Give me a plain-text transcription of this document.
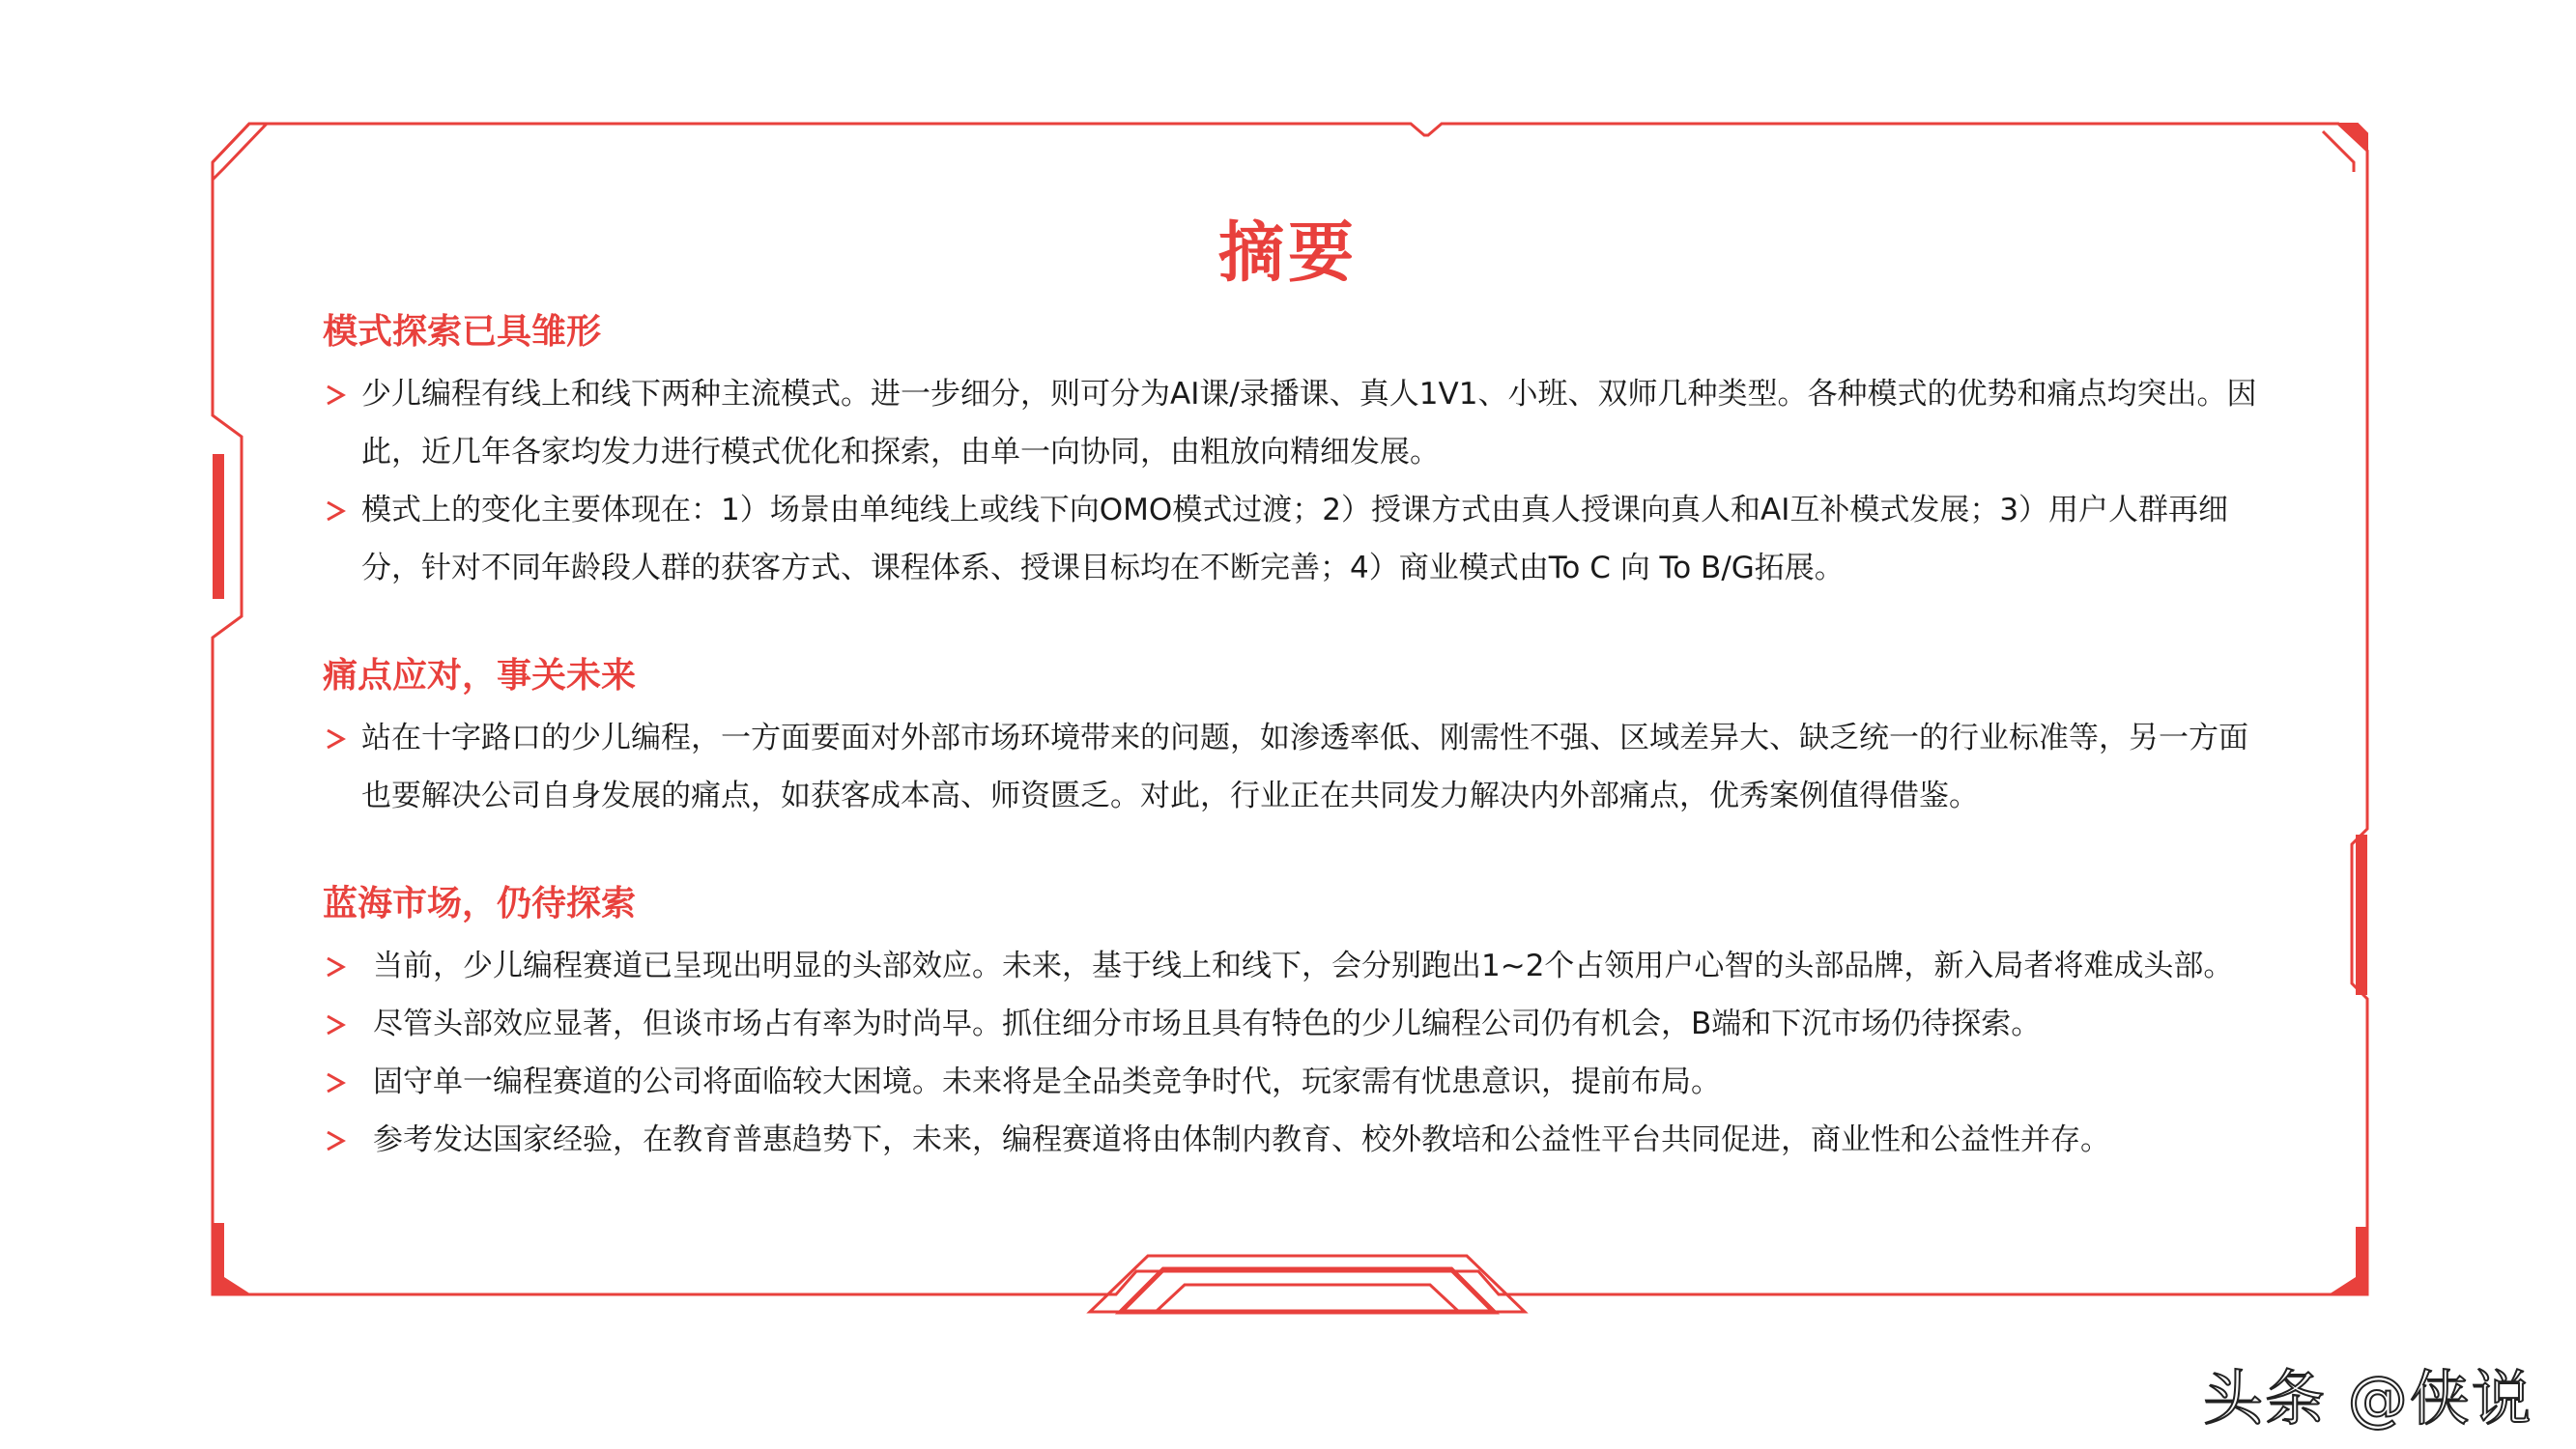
摘要
模式探索已具雏形
少儿编程有线上和线下两种主流模式。进一步细分，则可分为AI课/录播课、真人1V1、小班、双师几种类型。各种模式的优势和痛点均突出。因此，近几年各家均发力进行模式优化和探索，由单一向协同，由粗放向精细发展。
模式上的变化主要体现在：1）场景由单纯线上或线下向OMO模式过渡；2）授课方式由真人授课向真人和AI互补模式发展；3）用户人群再细分，针对不同年龄段人群的获客方式、课程体系、授课目标均在不断完善；4）商业模式由To C 向 To B/G拓展。
痛点应对，事关未来
站在十字路口的少儿编程，一方面要面对外部市场环境带来的问题，如渗透率低、刚需性不强、区域差异大、缺乏统一的行业标准等，另一方面也要解决公司自身发展的痛点，如获客成本高、师资匮乏。对此，行业正在共同发力解决内外部痛点，优秀案例值得借鉴。
蓝海市场，仍待探索
当前，少儿编程赛道已呈现出明显的头部效应。未来，基于线上和线下，会分别跑出1~2个占领用户心智的头部品牌，新入局者将难成头部。
尽管头部效应显著，但谈市场占有率为时尚早。抓住细分市场且具有特色的少儿编程公司仍有机会，B端和下沉市场仍待探索。
固守单一编程赛道的公司将面临较大困境。未来将是全品类竞争时代，玩家需有忧患意识，提前布局。
参考发达国家经验，在教育普惠趋势下，未来，编程赛道将由体制内教育、校外教培和公益性平台共同促进，商业性和公益性并存。
头条 @侠说
